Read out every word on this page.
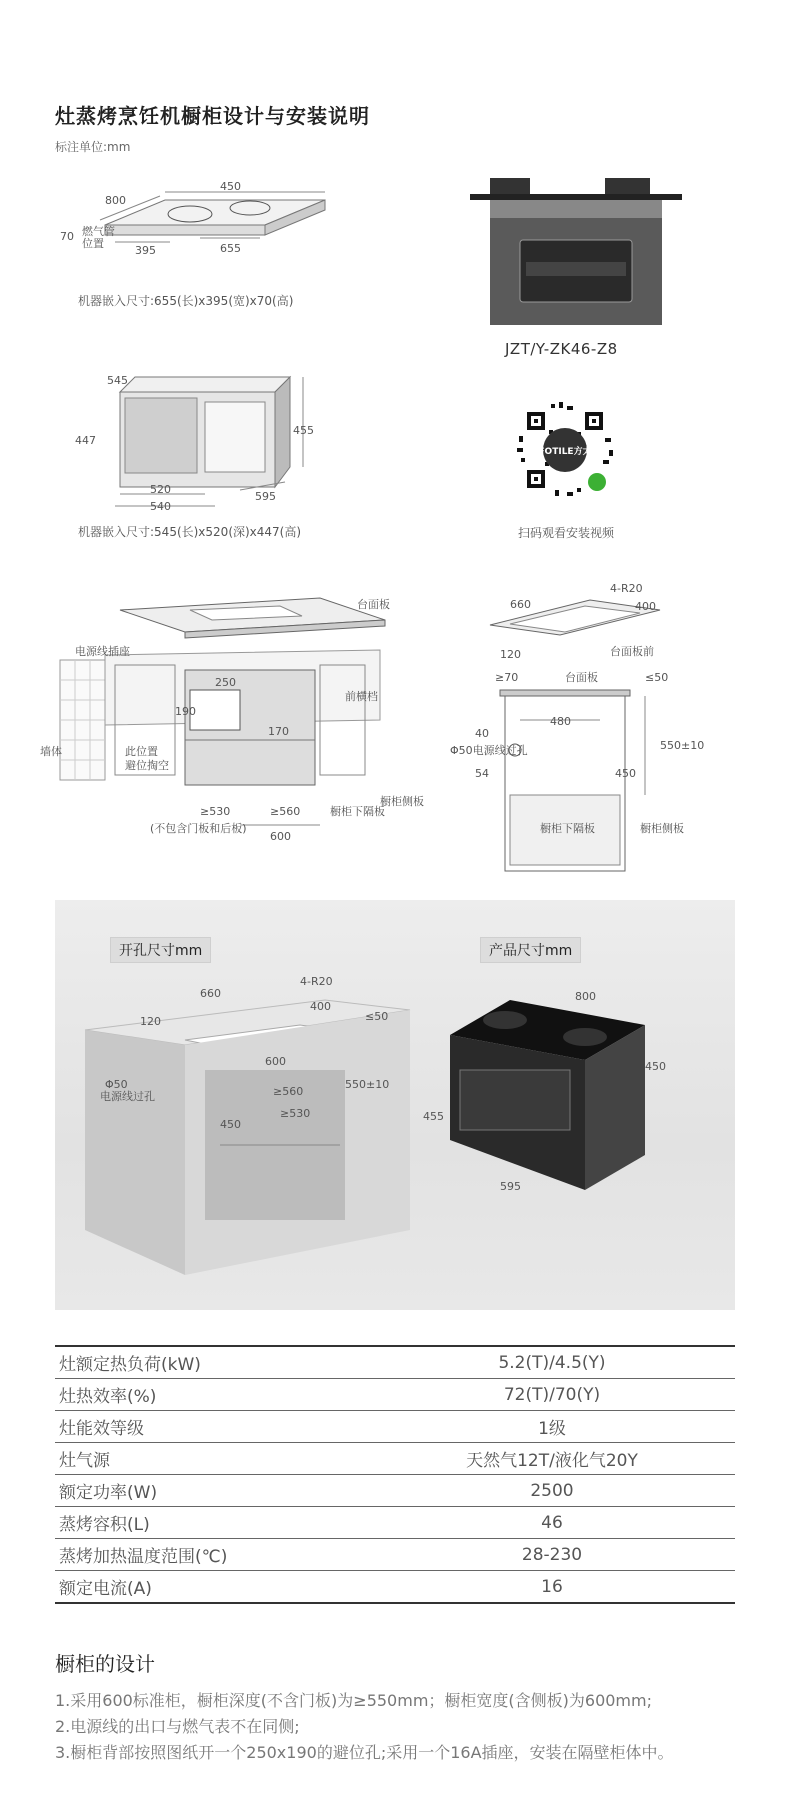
灶蒸烤烹饪机橱柜设计与安装说明
标注单位:mm
450
800
燃气管
位置
70
395	655
机器嵌入尺寸:655(长)x395(宽)x70(高)
JZT/Y-ZK46-Z8
545
447
455
520
540
595
机器嵌入尺寸:545(长)x520(深)x447(高)
FOTILE方太
扫码观看安装视频
台面板
电源线插座
前横档
墙体	此位置
避位掏空
250
190
170
≥530	≥560
600
橱柜下隔板
橱柜侧板
(不包含门板和后板)
4-R20
660	400
120	台面板前
≥70	台面板	≤50
480
40
550±10
Φ50电源线过孔
54	450
橱柜下隔板	橱柜侧板
开孔尺寸mm	产品尺寸mm
4-R20
660
400
120	≤50
600
≥560
≥530
450
550±10
Φ50
电源线过孔
800
450
455
595
灶额定热负荷(kW)	5.2(T)/4.5(Y)
灶热效率(%)	72(T)/70(Y)
灶能效等级	1级
灶气源	天然气12T/液化气20Y
额定功率(W)	2500
蒸烤容积(L)	46
蒸烤加热温度范围(℃)	28-230
额定电流(A)	16
橱柜的设计
1.采用600标准柜，橱柜深度(不含门板)为≥550mm；橱柜宽度(含侧板)为600mm;
2.电源线的出口与燃气表不在同侧;
3.橱柜背部按照图纸开一个250x190的避位孔;采用一个16A插座，安装在隔壁柜体中。
